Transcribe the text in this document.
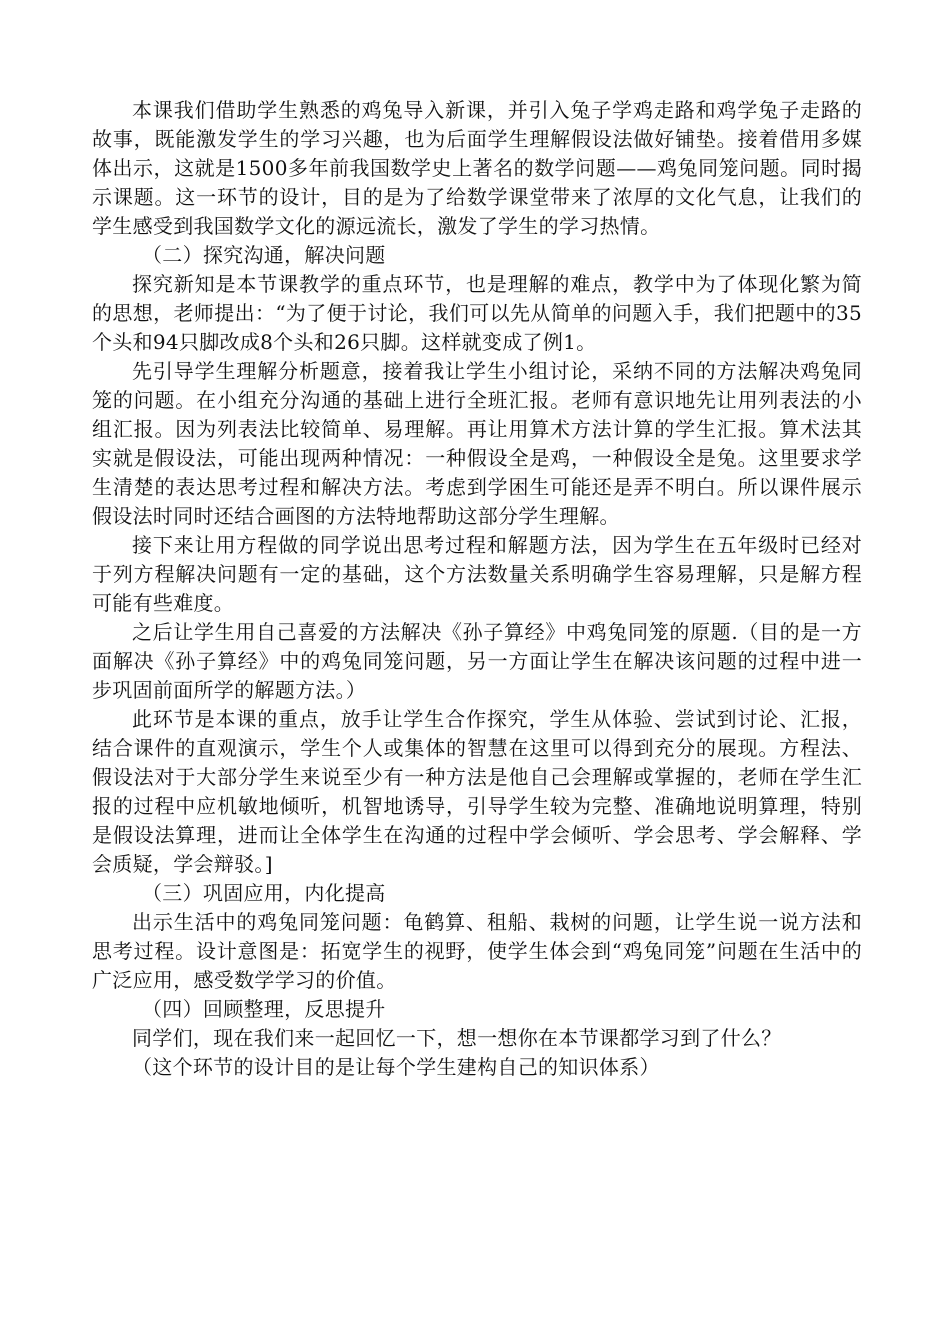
本课我们借助学生熟悉的鸡兔导入新课，并引入兔子学鸡走路和鸡学兔子走路的故事，既能激发学生的学习兴趣，也为后面学生理解假设法做好铺垫。接着借用多媒体出示，这就是1500多年前我国数学史上著名的数学问题——鸡兔同笼问题。同时揭示课题。这一环节的设计，目的是为了给数学课堂带来了浓厚的文化气息，让我们的学生感受到我国数学文化的源远流长，激发了学生的学习热情。

（二）探究沟通，解决问题

探究新知是本节课教学的重点环节，也是理解的难点，教学中为了体现化繁为简的思想，老师提出：“为了便于讨论，我们可以先从简单的问题入手，我们把题中的35个头和94只脚改成8个头和26只脚。这样就变成了例1。

先引导学生理解分析题意，接着我让学生小组讨论，采纳不同的方法解决鸡兔同笼的问题。在小组充分沟通的基础上进行全班汇报。老师有意识地先让用列表法的小组汇报。因为列表法比较简单、易理解。再让用算术方法计算的学生汇报。算术法其实就是假设法，可能出现两种情况：一种假设全是鸡，一种假设全是兔。这里要求学生清楚的表达思考过程和解决方法。考虑到学困生可能还是弄不明白。所以课件展示假设法时同时还结合画图的方法特地帮助这部分学生理解。

接下来让用方程做的同学说出思考过程和解题方法，因为学生在五年级时已经对于列方程解决问题有一定的基础，这个方法数量关系明确学生容易理解，只是解方程可能有些难度。

之后让学生用自己喜爱的方法解决《孙子算经》中鸡兔同笼的原题.（目的是一方面解决《孙子算经》中的鸡兔同笼问题，另一方面让学生在解决该问题的过程中进一步巩固前面所学的解题方法。）

此环节是本课的重点，放手让学生合作探究，学生从体验、尝试到讨论、汇报，结合课件的直观演示，学生个人或集体的智慧在这里可以得到充分的展现。方程法、假设法对于大部分学生来说至少有一种方法是他自己会理解或掌握的，老师在学生汇报的过程中应机敏地倾听，机智地诱导，引导学生较为完整、准确地说明算理，特别是假设法算理，进而让全体学生在沟通的过程中学会倾听、学会思考、学会解释、学会质疑，学会辩驳。]

（三）巩固应用，内化提高

出示生活中的鸡兔同笼问题：龟鹤算、租船、栽树的问题，让学生说一说方法和思考过程。设计意图是：拓宽学生的视野，使学生体会到“鸡兔同笼”问题在生活中的广泛应用，感受数学学习的价值。

（四）回顾整理，反思提升

同学们，现在我们来一起回忆一下，想一想你在本节课都学习到了什么？

（这个环节的设计目的是让每个学生建构自己的知识体系）
